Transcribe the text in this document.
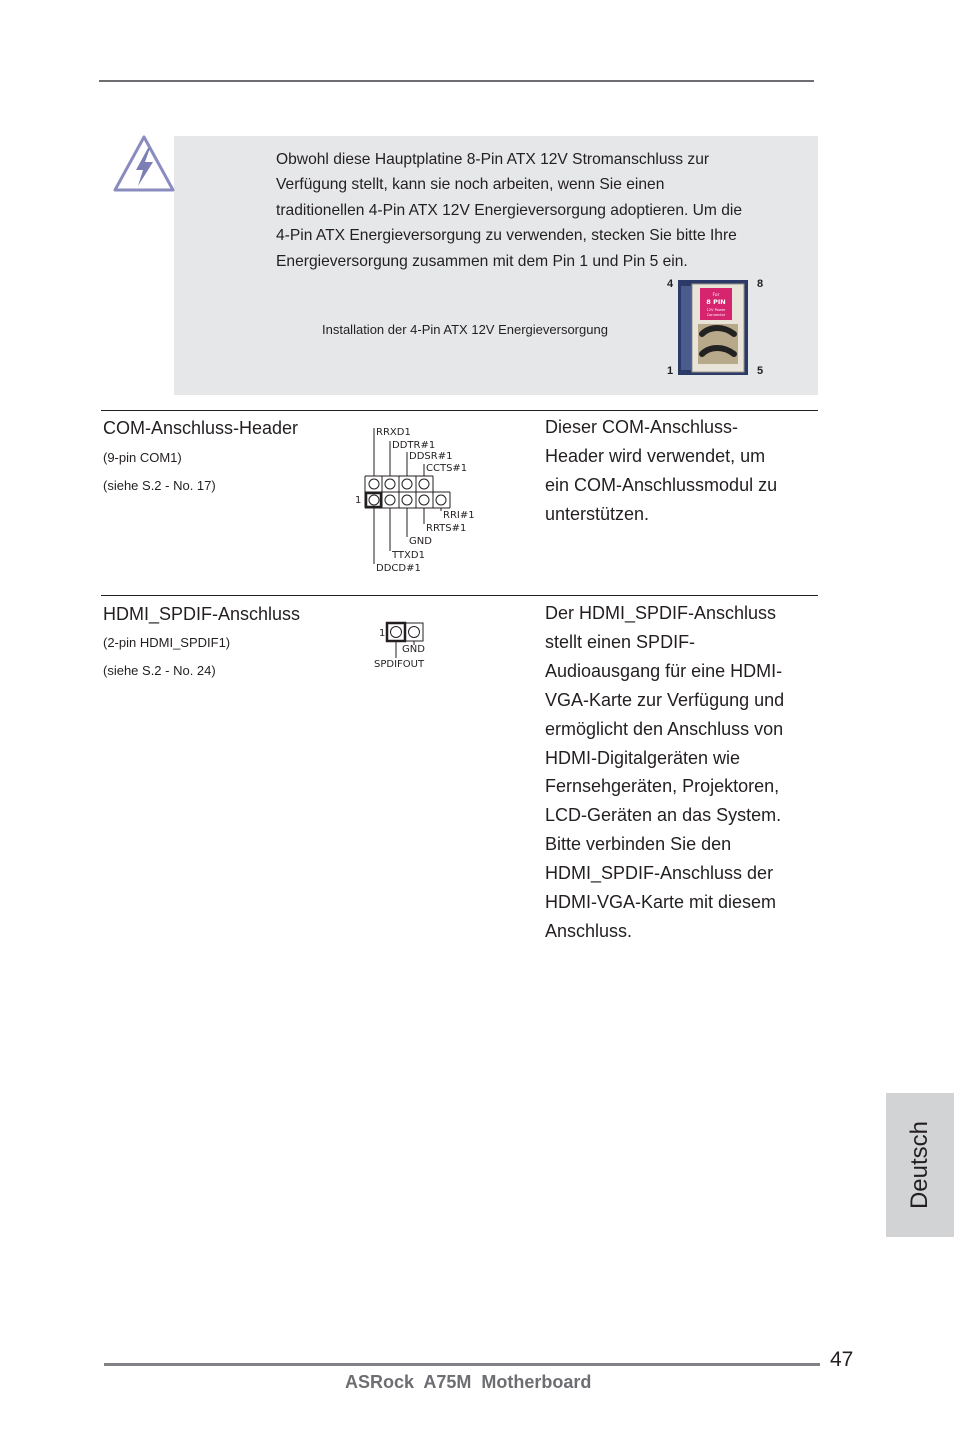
Obwohl diese Hauptplatine 8-Pin ATX 12V Stromanschluss zur
Verfügung stellt, kann sie noch arbeiten, wenn Sie einen
traditionellen 4-Pin ATX 12V Energieversorgung adoptieren. Um die
4-Pin ATX Energieversorgung zu verwenden, stecken Sie bitte Ihre
Energieversorgung zusammen mit dem Pin 1 und Pin 5 ein.
Installation der 4-Pin ATX 12V Energieversorgung
4	8
1	5
For
8 PIN
12V Power
Connector
COM-Anschluss-Header
(9-pin COM1)
(siehe S.2 - No. 17)
RRXD1
DDTR#1
DDSR#1
CCTS#1
RRI#1
RRTS#1
GND
TTXD1
DDCD#1
1
Dieser COM-Anschluss-
Header wird verwendet, um
ein COM-Anschlussmodul zu
unterstützen.
HDMI_SPDIF-Anschluss
(2-pin HDMI_SPDIF1)
(siehe S.2 - No. 24)
1
GND
SPDIFOUT
Der HDMI_SPDIF-Anschluss
stellt einen SPDIF-
Audioausgang für eine HDMI-
VGA-Karte zur Verfügung und
ermöglicht den Anschluss von
HDMI-Digitalgeräten wie
Fernsehgeräten, Projektoren,
LCD-Geräten an das System.
Bitte verbinden Sie den
HDMI_SPDIF-Anschluss der
HDMI-VGA-Karte mit diesem
Anschluss.
Deutsch
47
ASRock  A75M  Motherboard
